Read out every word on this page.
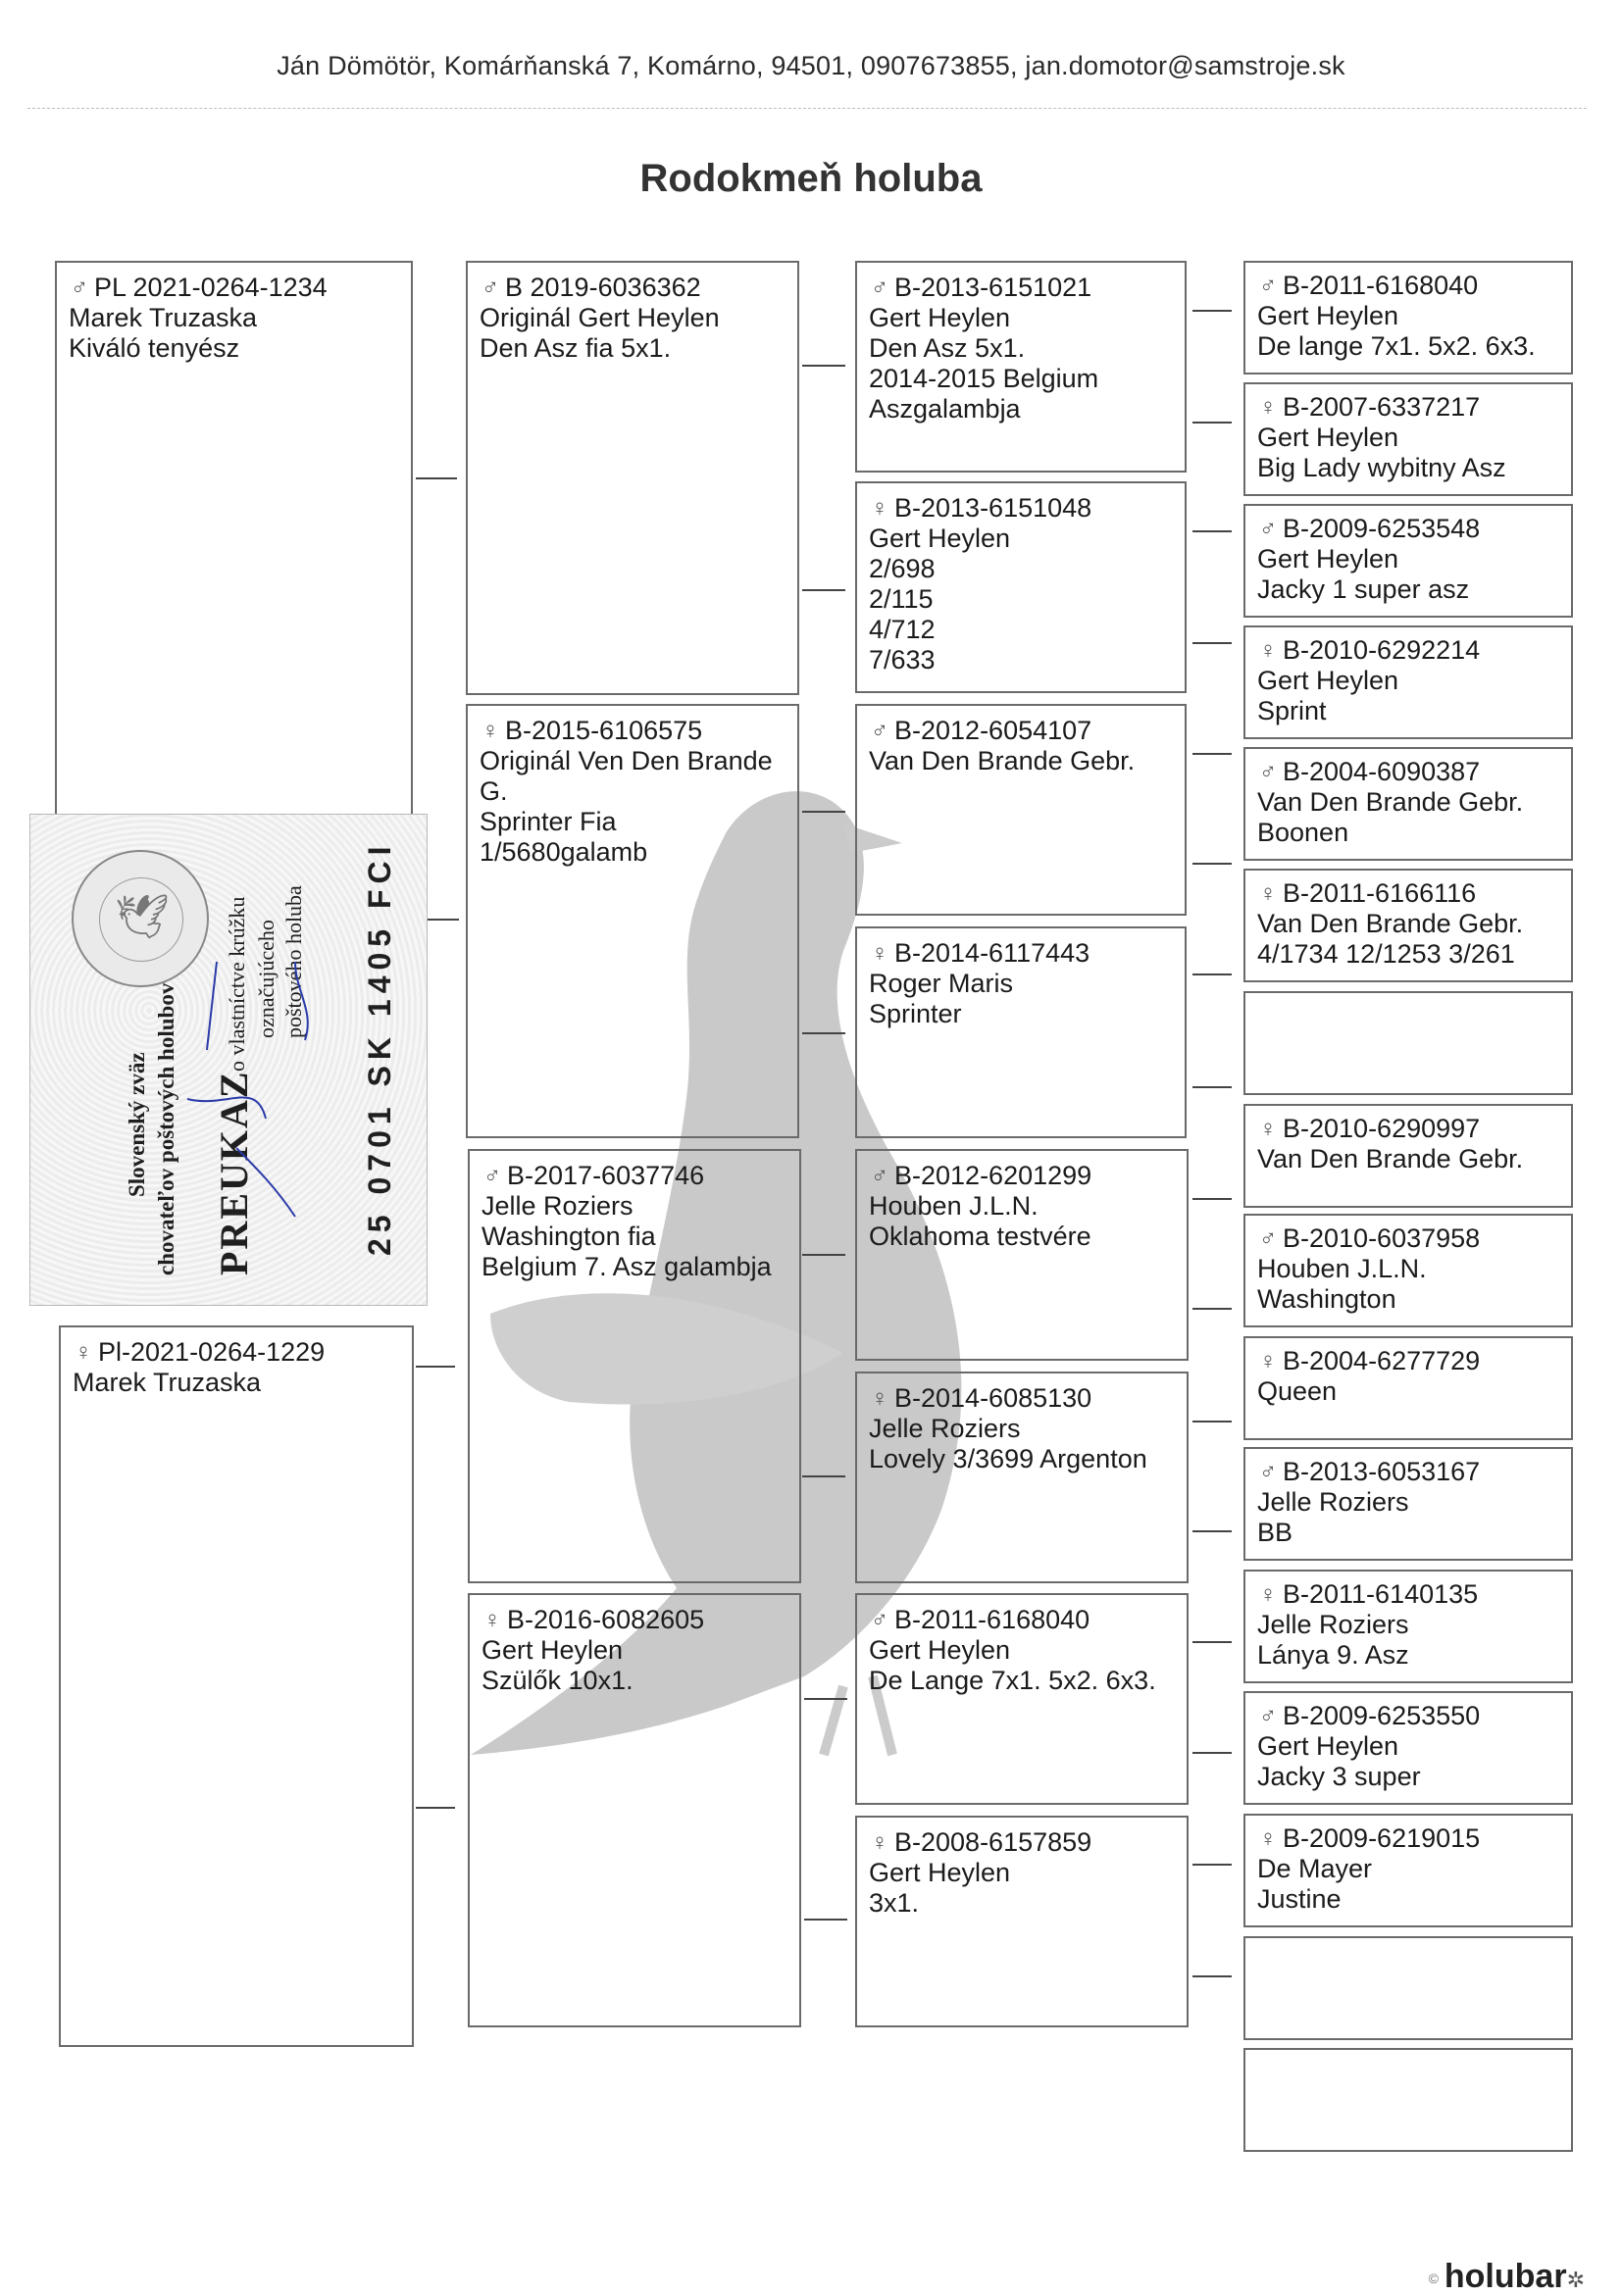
Ján Dömötör, Komárňanská 7, Komárno, 94501, 0907673855, jan.domotor@samstroje.sk
Rodokmeň holuba
♂ PL 2021-0264-1234
Marek Truzaska
Kiváló tenyész
♀ Pl-2021-0264-1229
Marek Truzaska
♂ B 2019-6036362
Originál Gert Heylen
Den Asz fia 5x1.
♀ B-2015-6106575
Originál Ven Den Brande
G.
Sprinter Fia
1/5680galamb
♂ B-2017-6037746
Jelle Roziers
Washington fia
Belgium 7. Asz galambja
♀ B-2016-6082605
Gert Heylen
Szülők 10x1.
♂ B-2013-6151021
Gert Heylen
Den Asz 5x1.
2014-2015 Belgium
Aszgalambja
♀ B-2013-6151048
Gert Heylen
2/698
2/115
4/712
7/633
♂ B-2012-6054107
Van Den Brande Gebr.
♀ B-2014-6117443
Roger Maris
Sprinter
♂ B-2012-6201299
Houben J.L.N.
Oklahoma testvére
♀ B-2014-6085130
Jelle Roziers
Lovely 3/3699 Argenton
♂ B-2011-6168040
Gert Heylen
De Lange 7x1. 5x2. 6x3.
♀ B-2008-6157859
Gert Heylen
3x1.
♂ B-2011-6168040
Gert Heylen
De lange 7x1. 5x2. 6x3.
♀ B-2007-6337217
Gert Heylen
Big Lady wybitny Asz
♂ B-2009-6253548
Gert Heylen
Jacky 1 super asz
♀ B-2010-6292214
Gert Heylen
Sprint
♂ B-2004-6090387
Van Den Brande Gebr.
Boonen
♀ B-2011-6166116
Van Den Brande Gebr.
4/1734 12/1253 3/261
♀ B-2010-6290997
Van Den Brande Gebr.
♂ B-2010-6037958
Houben J.L.N.
Washington
♀ B-2004-6277729
Queen
♂ B-2013-6053167
Jelle Roziers
BB
♀ B-2011-6140135
Jelle Roziers
Lánya 9. Asz
♂ B-2009-6253550
Gert Heylen
Jacky 3 super
♀ B-2009-6219015
De Mayer
Justine
🕊
Slovenský zväz chovateľov poštových holubov PREUKAZ
o vlastníctve krúžku označujúceho poštového holuba 25 0701 SK 1405 FCI
© holubar✲
